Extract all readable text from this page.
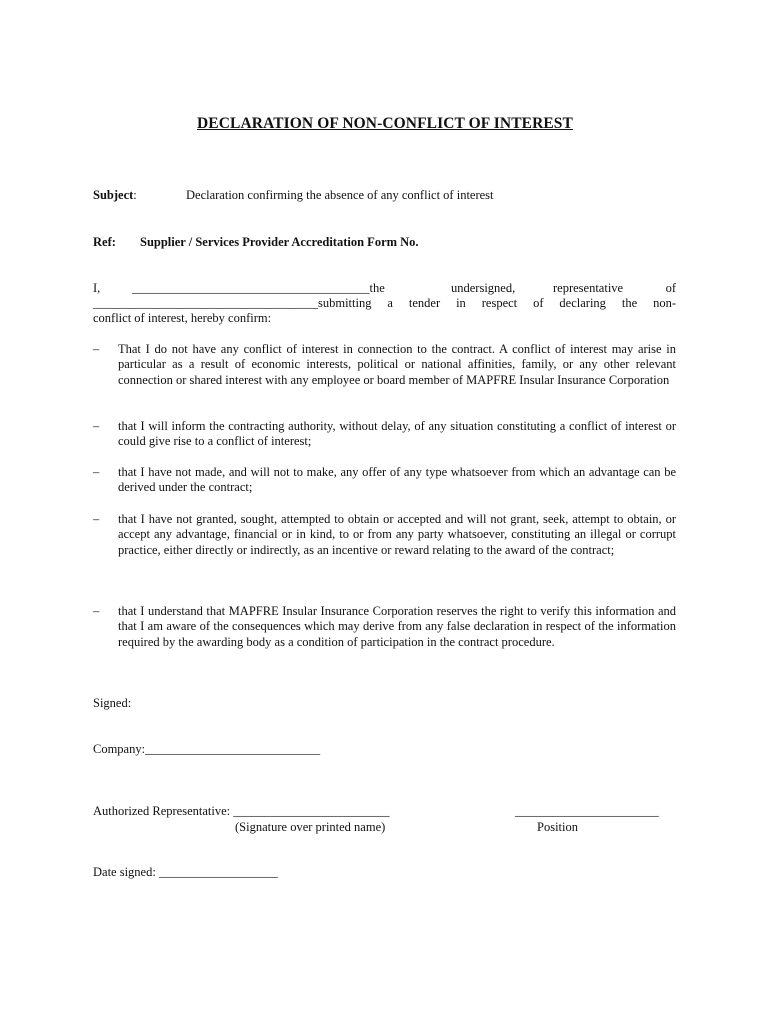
DECLARATION OF NON-CONFLICT OF INTEREST
Subject:	Declaration confirming the absence of any conflict of interest
Ref: Supplier / Services Provider Accreditation Form No.
I,	______________________________________the	undersigned,	representative	of
____________________________________submitting a tender in respect of declaring the non-
conflict of interest, hereby confirm:
– That I do not have any conflict of interest in connection to the contract. A conflict of interest may arise in particular as a result of economic interests, political or national affinities, family, or any other relevant connection or shared interest with any employee or board member of MAPFRE Insular Insurance Corporation
– that I will inform the contracting authority, without delay, of any situation constituting a conflict of interest or could give rise to a conflict of interest;
– that I have not made, and will not to make, any offer of any type whatsoever from which an advantage can be derived under the contract;
– that I have not granted, sought, attempted to obtain or accepted and will not grant, seek, attempt to obtain, or accept any advantage, financial or in kind, to or from any party whatsoever, constituting an illegal or corrupt practice, either directly or indirectly, as an incentive or reward relating to the award of the contract;
– that I understand that MAPFRE Insular Insurance Corporation reserves the right to verify this information and that I am aware of the consequences which may derive from any false declaration in respect of the information required by the awarding body as a condition of participation in the contract procedure.
Signed:
Company:____________________________
Authorized Representative: _________________________	_______________________
(Signature over printed name)	Position
Date signed: ___________________
